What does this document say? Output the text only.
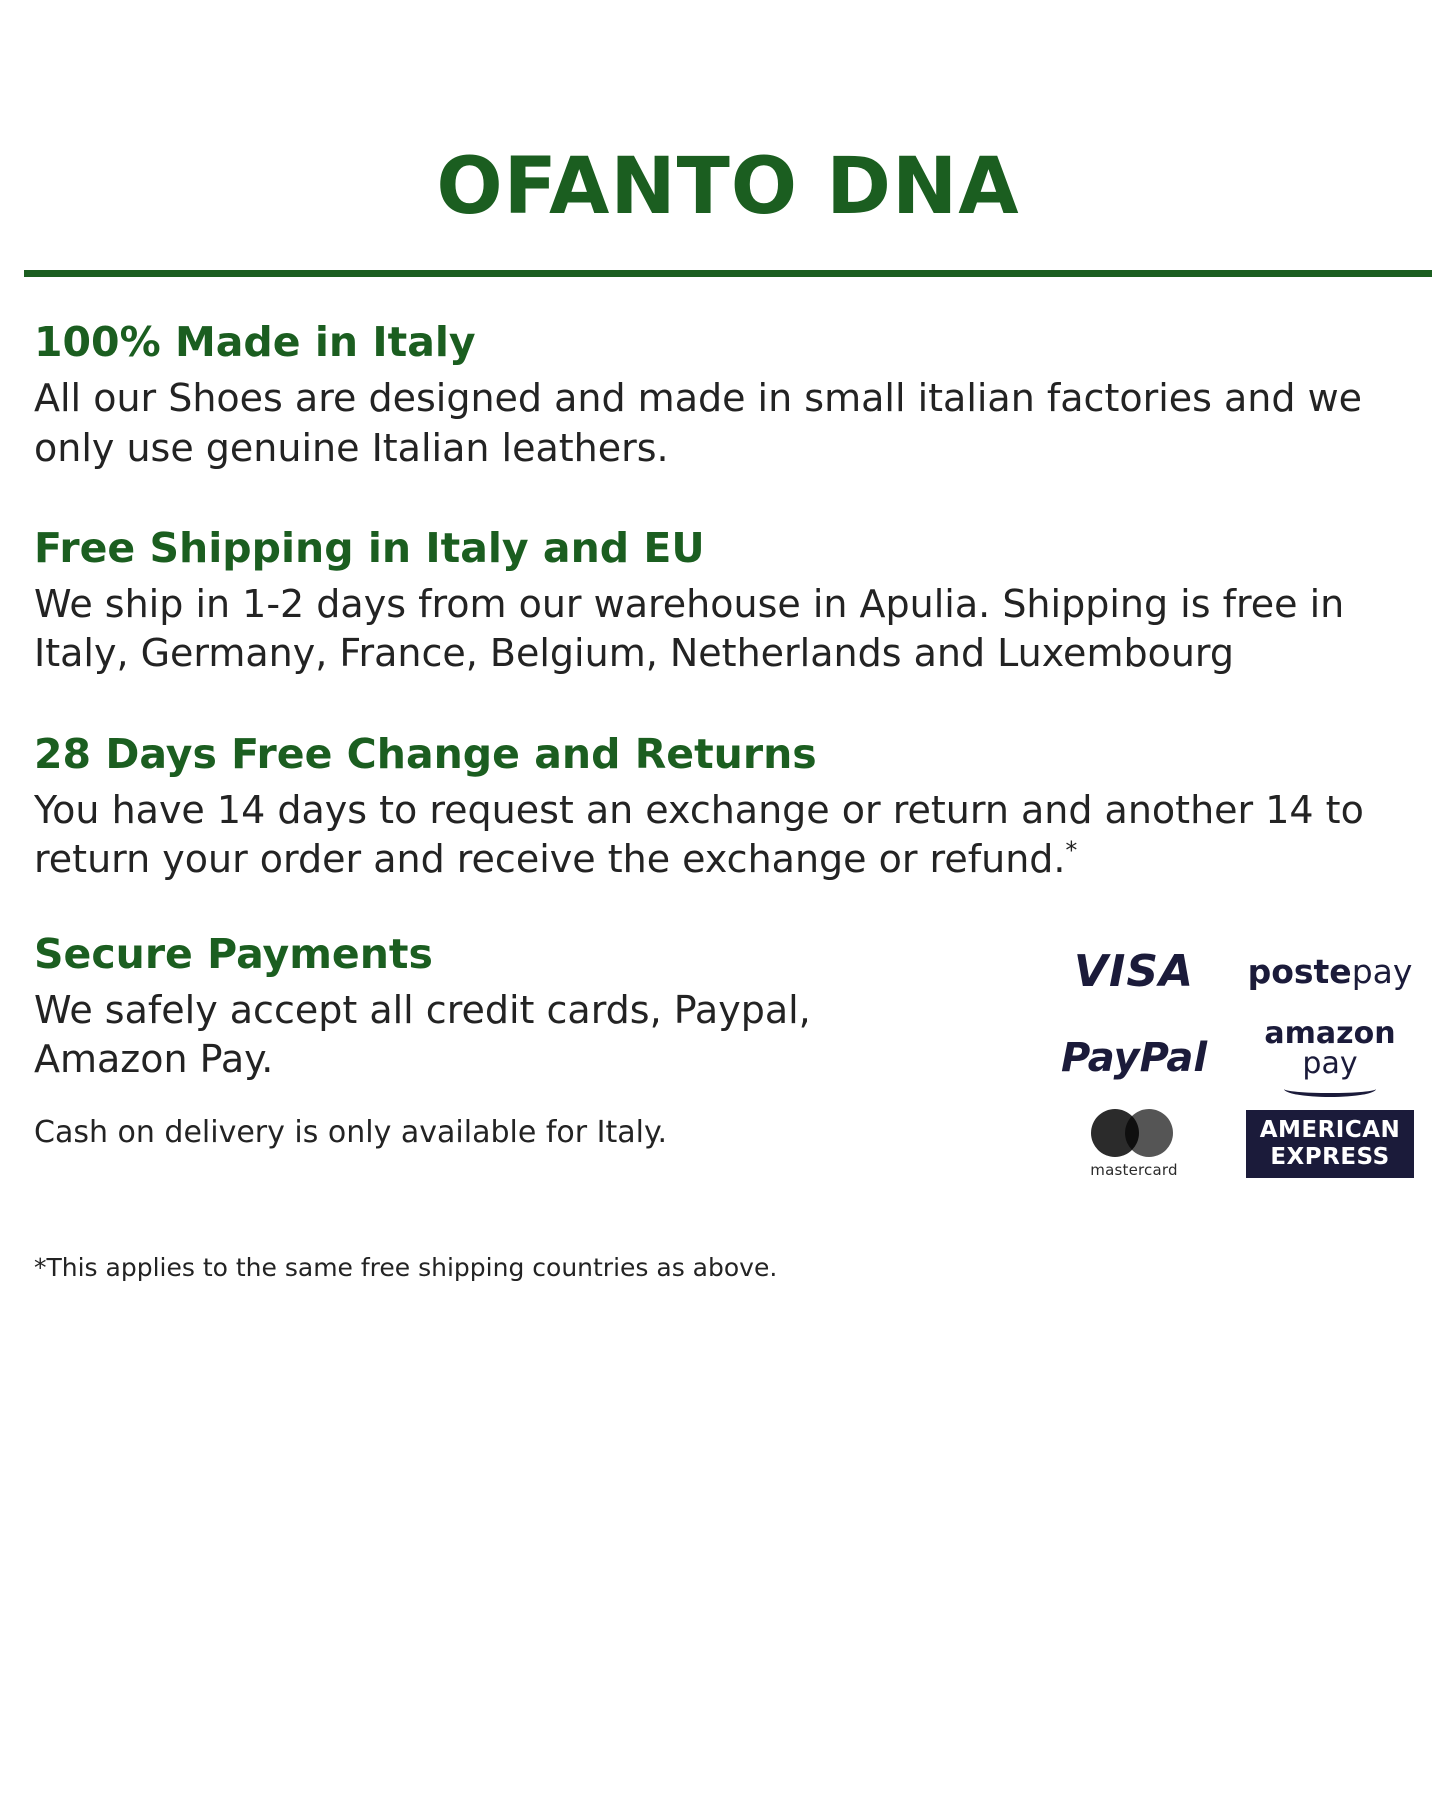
OFANTO DNA
100% Made in Italy

All our Shoes are designed and made in small italian factories and we only use genuine Italian leathers.

Free Shipping in Italy and EU

We ship in 1-2 days from our warehouse in Apulia. Shipping is free in Italy, Germany, France, Belgium, Netherlands and Luxembourg

28 Days Free Change and Returns

You have 14 days to request an exchange or return and another 14 to return your order and receive the exchange or refund.*

Secure Payments

We safely accept all credit cards, Paypal, Amazon Pay.

Cash on delivery is only available for Italy.

VISA postepay
PayPal
amazon pay
mastercard
AMERICAN
EXPRESS

*This applies to the same free shipping countries as above.
